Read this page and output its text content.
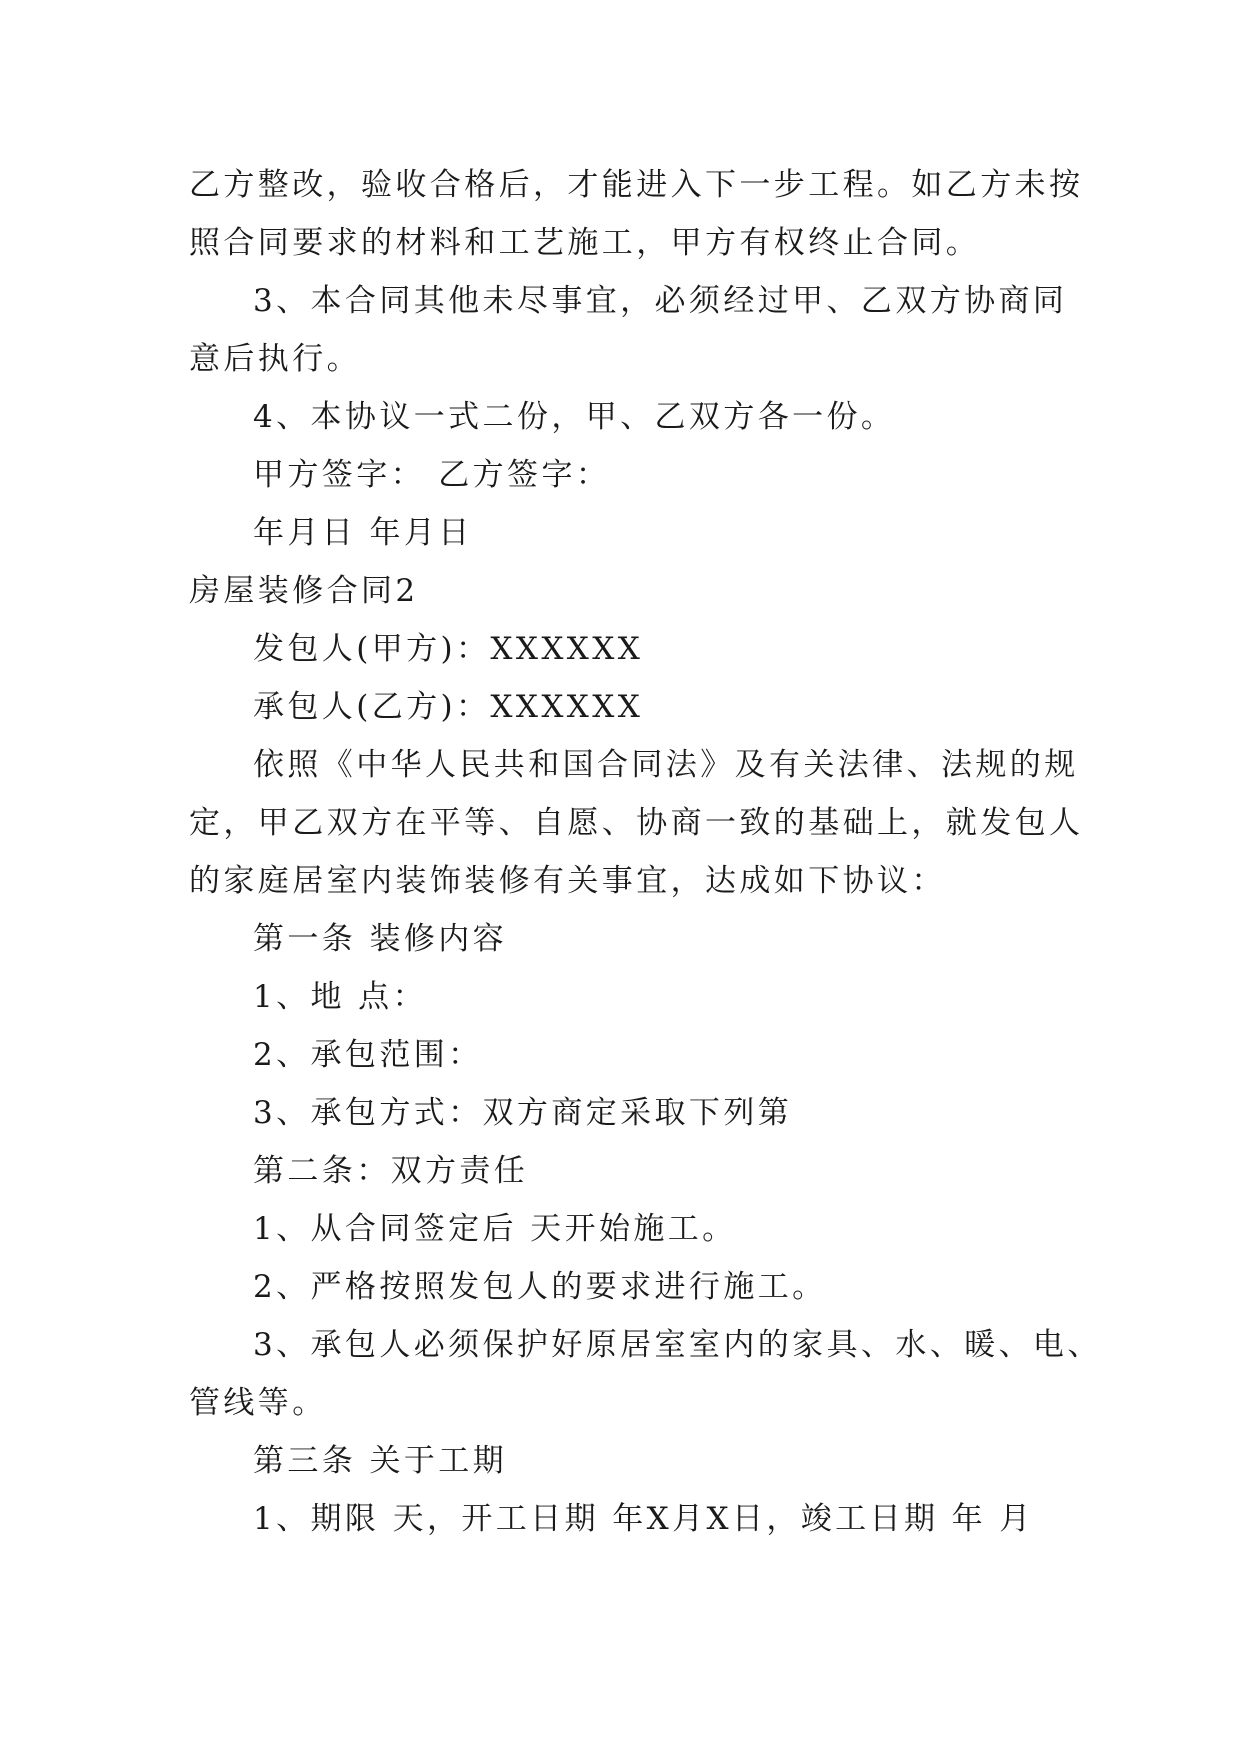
乙方整改，验收合格后，才能进入下一步工程。如乙方未按
照合同要求的材料和工艺施工，甲方有权终止合同。
3、本合同其他未尽事宜，必须经过甲、乙双方协商同
意后执行。
4、本协议一式二份，甲、乙双方各一份。
甲方签字： 乙方签字：
年月日 年月日
房屋装修合同2
发包人(甲方)：XXXXXX
承包人(乙方)：XXXXXX
依照《中华人民共和国合同法》及有关法律、法规的规
定，甲乙双方在平等、自愿、协商一致的基础上，就发包人
的家庭居室内装饰装修有关事宜，达成如下协议：
第一条 装修内容
1、地 点：
2、承包范围：
3、承包方式：双方商定采取下列第
第二条：双方责任
1、从合同签定后 天开始施工。
2、严格按照发包人的要求进行施工。
3、承包人必须保护好原居室室内的家具、水、暖、电、
管线等。
第三条 关于工期
1、期限 天，开工日期 年X月X日，竣工日期 年 月
